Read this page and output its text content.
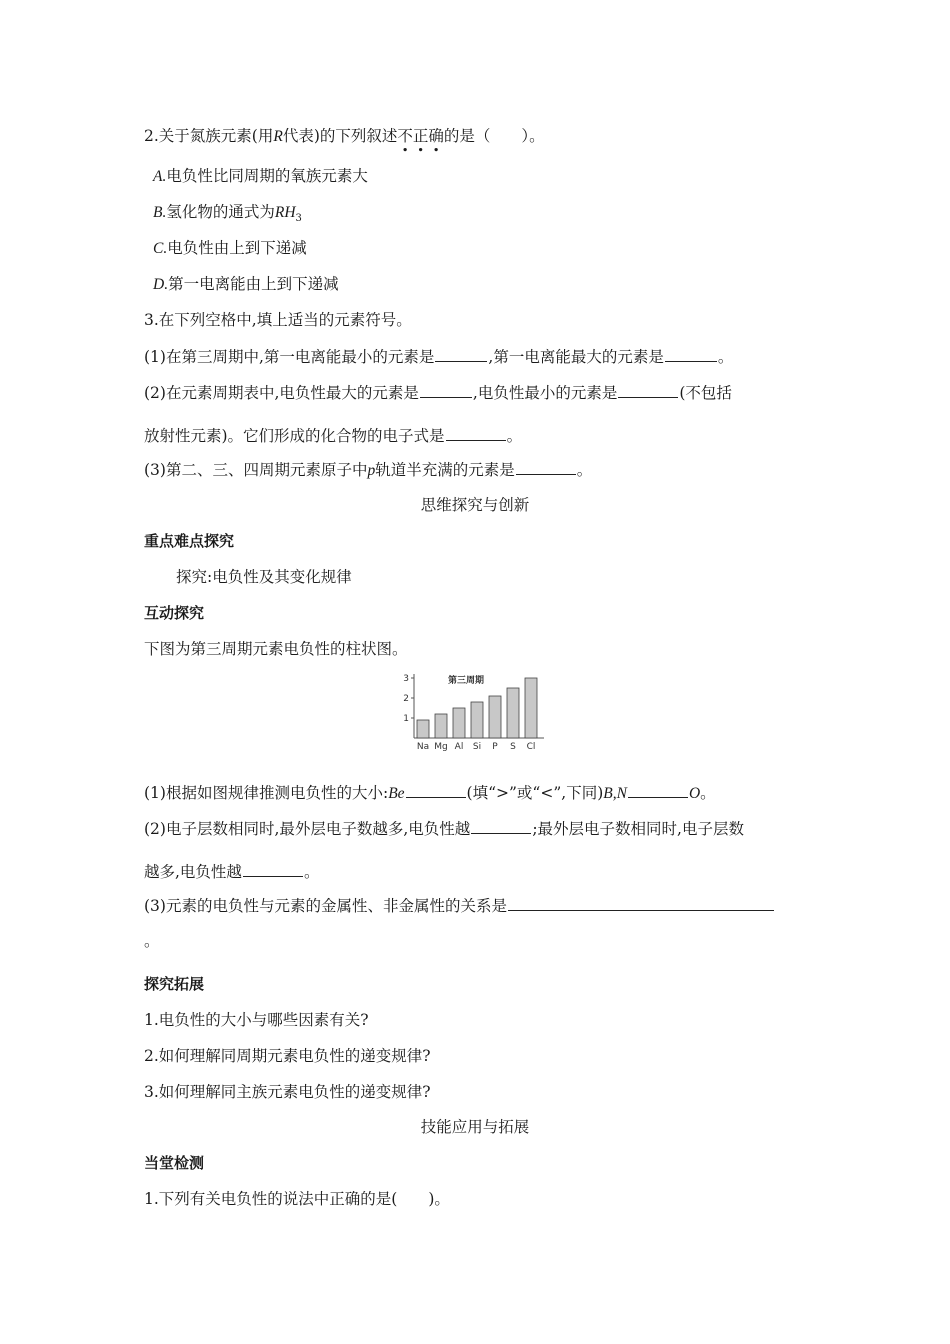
2.关于氮族元素(用R代表)的下列叙述不正确的是（　　）。
A.电负性比同周期的氧族元素大
B.氢化物的通式为$RH_3$
C.电负性由上到下递减
D.第一电离能由上到下递减
3.在下列空格中,填上适当的元素符号。
(1)在第三周期中,第一电离能最小的元素是	,第一电离能最大的元素是	。
(2)在元素周期表中,电负性最大的元素是	,电负性最小的元素是	(不包括
放射性元素)。它们形成的化合物的电子式是	。
(3)第二、三、四周期元素原子中p轨道半充满的元素是	。
思维探究与创新
重点难点探究
探究:电负性及其变化规律
互动探究
下图为第三周期元素电负性的柱状图。
1
2
3	第三周期
Na Mg Al Si P S Cl
(1)根据如图规律推测电负性的大小:Be	(填“>”或“<”,下同)B,N	O。
(2)电子层数相同时,最外层电子数越多,电负性越	;最外层电子数相同时,电子层数
越多,电负性越	。
(3)元素的电负性与元素的金属性、非金属性的关系是
。
探究拓展
1.电负性的大小与哪些因素有关?
2.如何理解同周期元素电负性的递变规律?
3.如何理解同主族元素电负性的递变规律?
技能应用与拓展
当堂检测
1.下列有关电负性的说法中正确的是(　　)。
